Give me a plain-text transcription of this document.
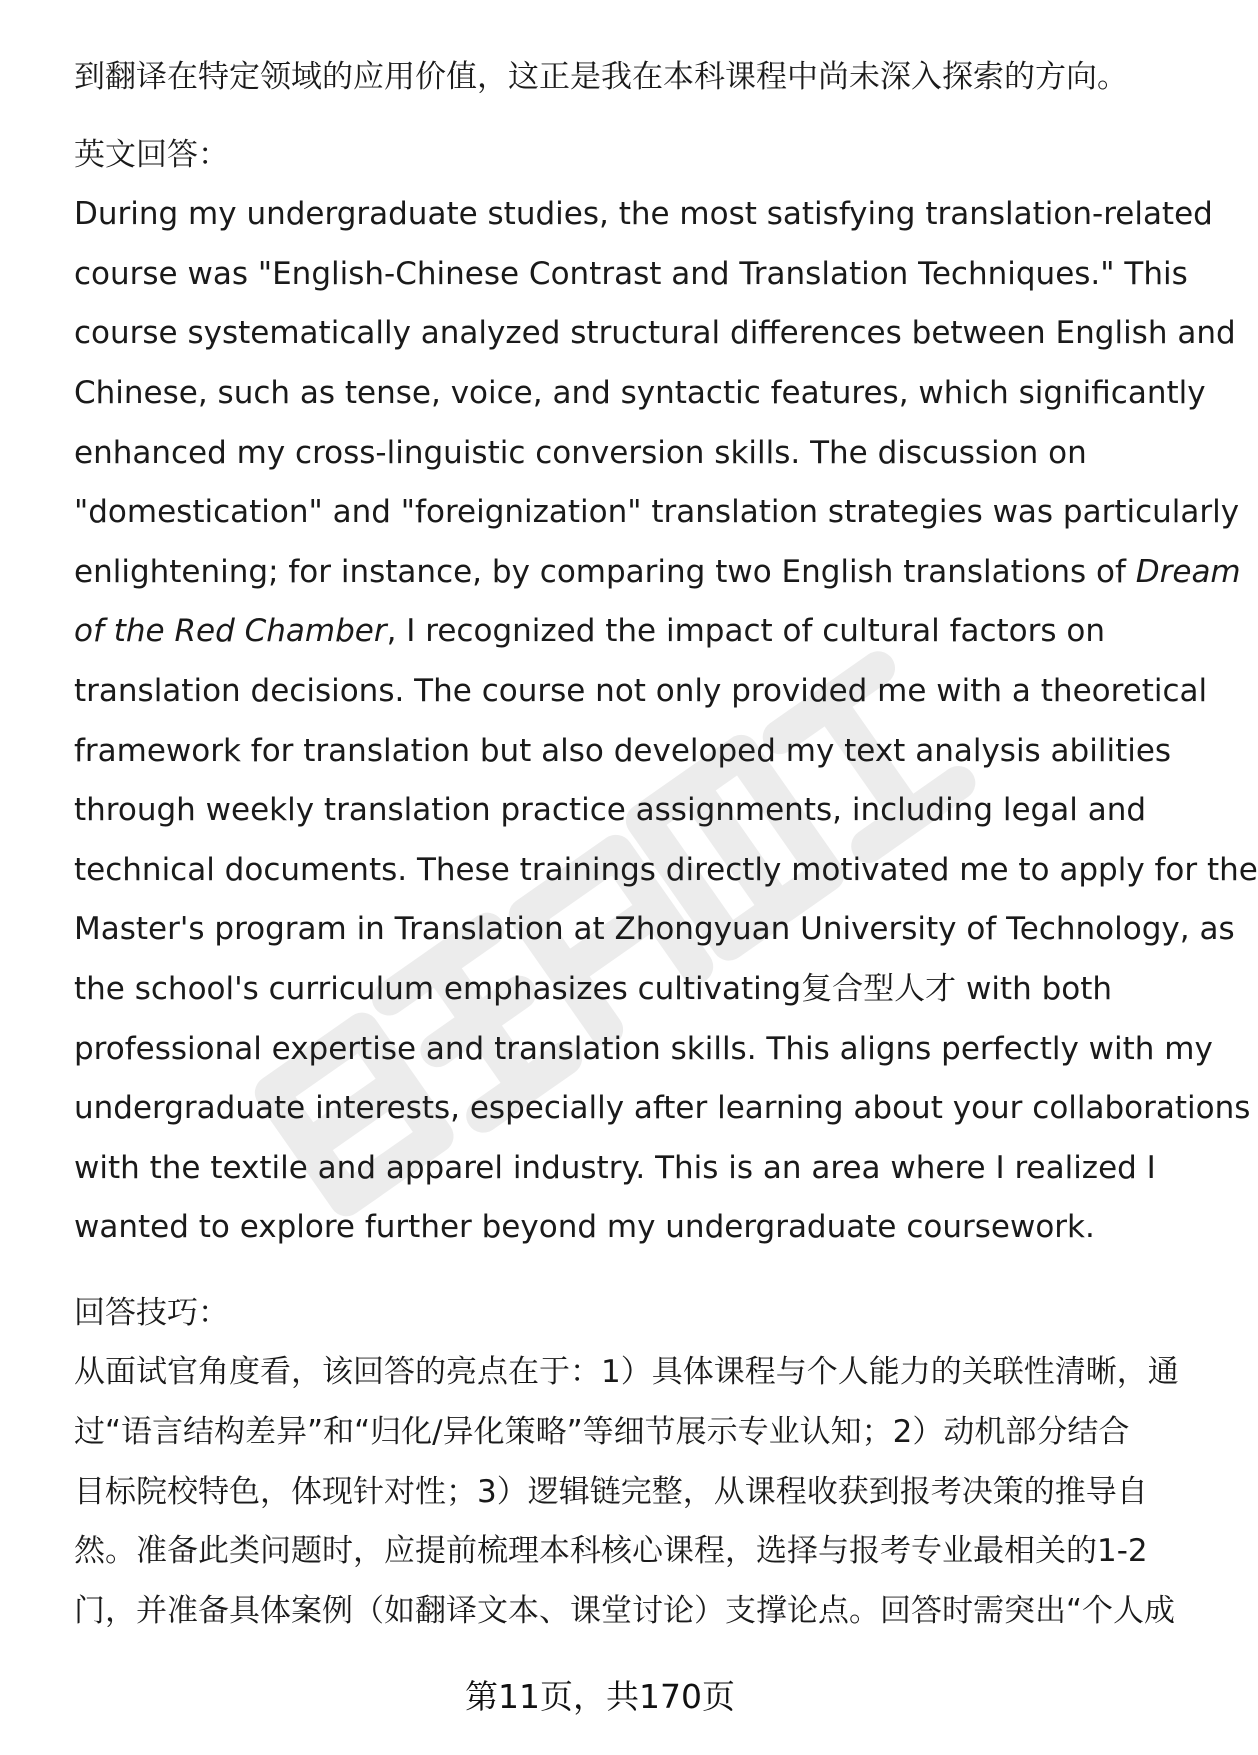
到翻译在特定领域的应用价值，这正是我在本科课程中尚未深入探索的方向。
英文回答：
During my undergraduate studies, the most satisfying translation-related
course was "English-Chinese Contrast and Translation Techniques." This
course systematically analyzed structural differences between English and
Chinese, such as tense, voice, and syntactic features, which significantly
enhanced my cross-linguistic conversion skills. The discussion on
"domestication" and "foreignization" translation strategies was particularly
enlightening; for instance, by comparing two English translations of Dream
of the Red Chamber, I recognized the impact of cultural factors on
translation decisions. The course not only provided me with a theoretical
framework for translation but also developed my text analysis abilities
through weekly translation practice assignments, including legal and
technical documents. These trainings directly motivated me to apply for the
Master's program in Translation at Zhongyuan University of Technology, as
the school's curriculum emphasizes cultivating复合型人才 with both
professional expertise and translation skills. This aligns perfectly with my
undergraduate interests, especially after learning about your collaborations
with the textile and apparel industry. This is an area where I realized I
wanted to explore further beyond my undergraduate coursework.
回答技巧：
从面试官角度看，该回答的亮点在于：1）具体课程与个人能力的关联性清晰，通
过“语言结构差异”和“归化/异化策略”等细节展示专业认知；2）动机部分结合
目标院校特色，体现针对性；3）逻辑链完整，从课程收获到报考决策的推导自
然。准备此类问题时，应提前梳理本科核心课程，选择与报考专业最相关的1-2
门，并准备具体案例（如翻译文本、课堂讨论）支撑论点。回答时需突出“个人成
第11页，共170页
